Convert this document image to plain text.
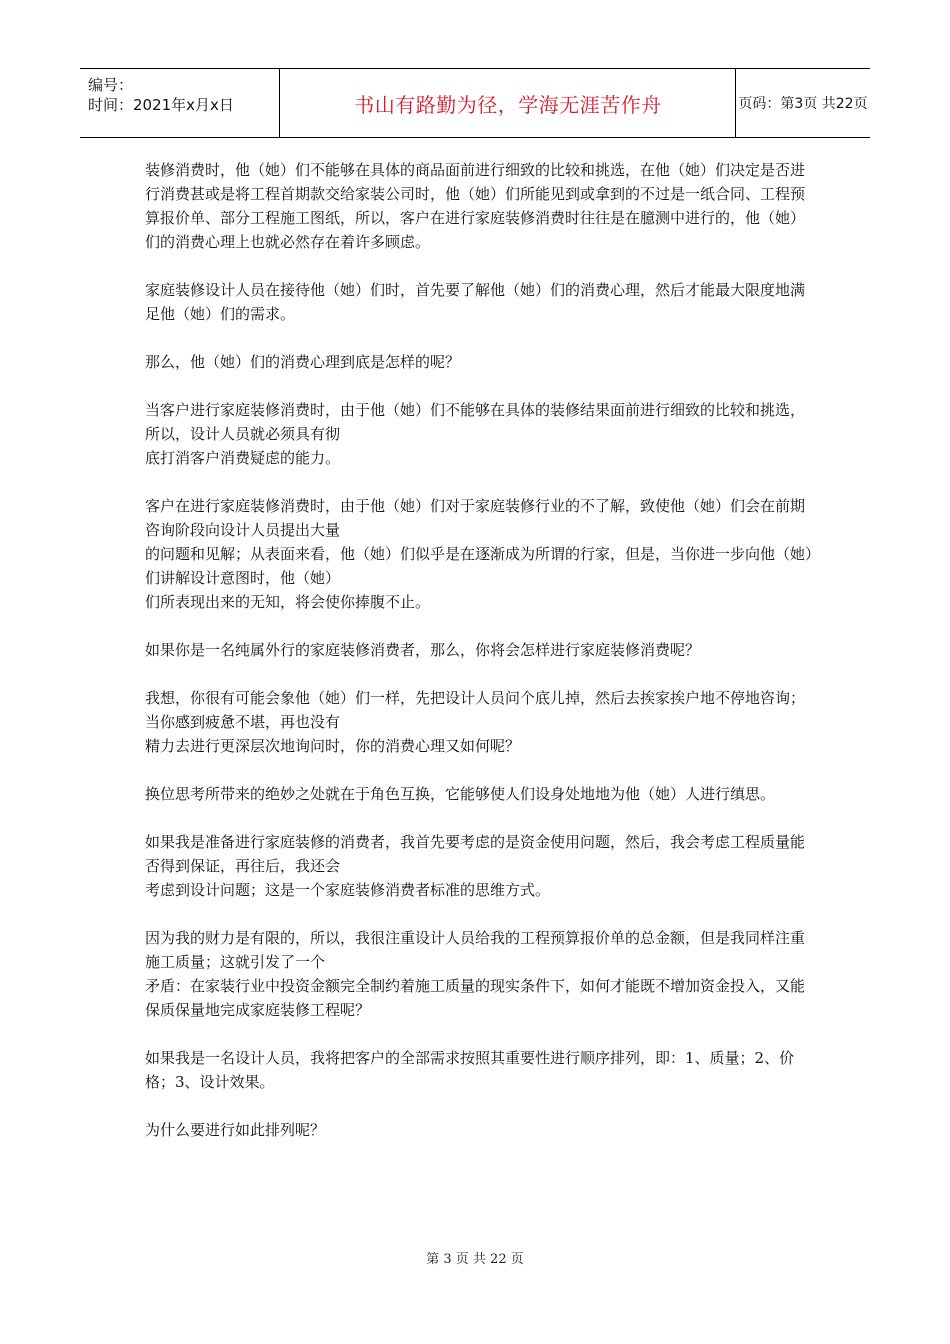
编号：
时间：2021年x月x日	书山有路勤为径，学海无涯苦作舟	页码：第3页 共22页

装修消费时，他（她）们不能够在具体的商品面前进行细致的比较和挑选，在他（她）们决定是否进行消费甚或是将工程首期款交给家装公司时，他（她）们所能见到或拿到的不过是一纸合同、工程预算报价单、部分工程施工图纸，所以，客户在进行家庭装修消费时往往是在臆测中进行的，他（她）们的消费心理上也就必然存在着许多顾虑。

家庭装修设计人员在接待他（她）们时，首先要了解他（她）们的消费心理，然后才能最大限度地满足他（她）们的需求。

那么，他（她）们的消费心理到底是怎样的呢？

当客户进行家庭装修消费时，由于他（她）们不能够在具体的装修结果面前进行细致的比较和挑选，所以，设计人员就必须具有彻
底打消客户消费疑虑的能力。

客户在进行家庭装修消费时，由于他（她）们对于家庭装修行业的不了解，致使他（她）们会在前期咨询阶段向设计人员提出大量
的问题和见解；从表面来看，他（她）们似乎是在逐渐成为所谓的行家，但是，当你进一步向他（她）们讲解设计意图时，他（她）
们所表现出来的无知，将会使你捧腹不止。

如果你是一名纯属外行的家庭装修消费者，那么，你将会怎样进行家庭装修消费呢？

我想，你很有可能会象他（她）们一样，先把设计人员问个底儿掉，然后去挨家挨户地不停地咨询；当你感到疲惫不堪，再也没有
精力去进行更深层次地询问时，你的消费心理又如何呢？

换位思考所带来的绝妙之处就在于角色互换，它能够使人们设身处地地为他（她）人进行缜思。

如果我是准备进行家庭装修的消费者，我首先要考虑的是资金使用问题，然后，我会考虑工程质量能否得到保证，再往后，我还会
考虑到设计问题；这是一个家庭装修消费者标准的思维方式。

因为我的财力是有限的，所以，我很注重设计人员给我的工程预算报价单的总金额，但是我同样注重施工质量；这就引发了一个
矛盾：在家装行业中投资金额完全制约着施工质量的现实条件下，如何才能既不增加资金投入，又能保质保量地完成家庭装修工程呢？

如果我是一名设计人员，我将把客户的全部需求按照其重要性进行顺序排列，即：1、质量；2、价格；3、设计效果。

为什么要进行如此排列呢？

第 3 页 共 22 页
